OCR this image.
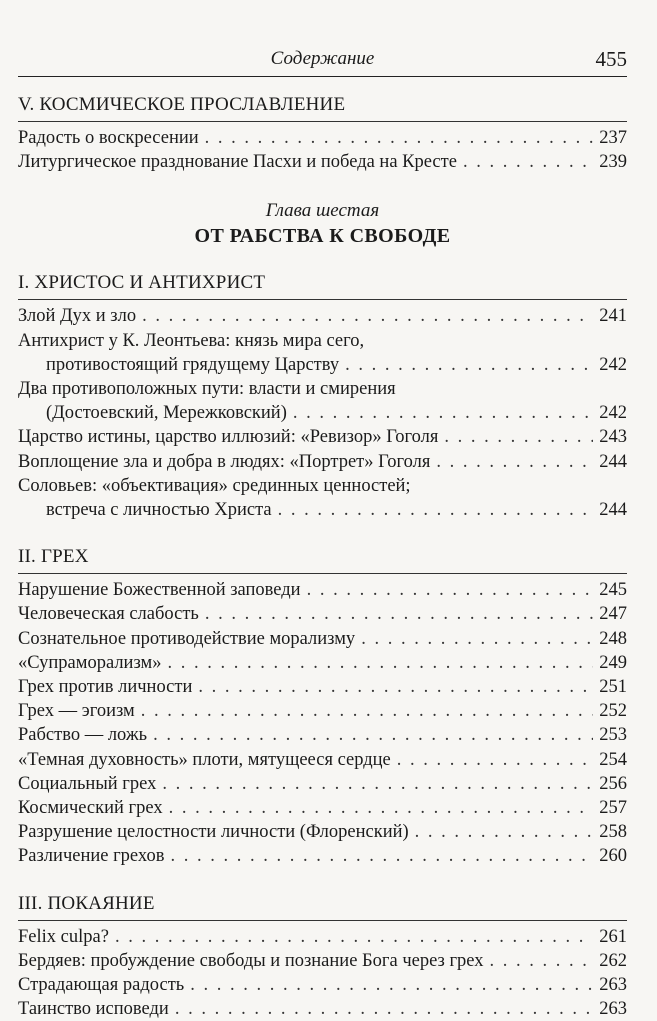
Содержание	455
V. КОСМИЧЕСКОЕ ПРОСЛАВЛЕНИЕ
Радость о воскресении . . .	237
Литургическое празднование Пасхи и победа на Кресте . . .	239
Глава шестая
ОТ РАБСТВА К СВОБОДЕ
I. ХРИСТОС И АНТИХРИСТ
Злой Дух и зло . . .	241
Антихрист у К. Леонтьева: князь мира сего,
противостоящий грядущему Царству . . .	242
Два противоположных пути: власти и смирения
(Достоевский, Мережковский) . . .	242
Царство истины, царство иллюзий: «Ревизор» Гоголя . . .	243
Воплощение зла и добра в людях: «Портрет» Гоголя . . .	244
Соловьев: «объективация» срединных ценностей;
встреча с личностью Христа . . .	244
II. ГРЕХ
Нарушение Божественной заповеди . . .	245
Человеческая слабость . . .	247
Сознательное противодействие морализму . . .	248
«Супраморализм» . . .	249
Грех против личности . . .	251
Грех — эгоизм . . .	252
Рабство — ложь . . .	253
«Темная духовность» плоти, мятущееся сердце . . .	254
Социальный грех . . .	256
Космический грех . . .	257
Разрушение целостности личности (Флоренский) . . .	258
Различение грехов . . .	260
III. ПОКАЯНИЕ
Felix culpa? . . .	261
Бердяев: пробуждение свободы и познание Бога через грех . . .	262
Страдающая радость . . .	263
Таинство исповеди . . .	263
